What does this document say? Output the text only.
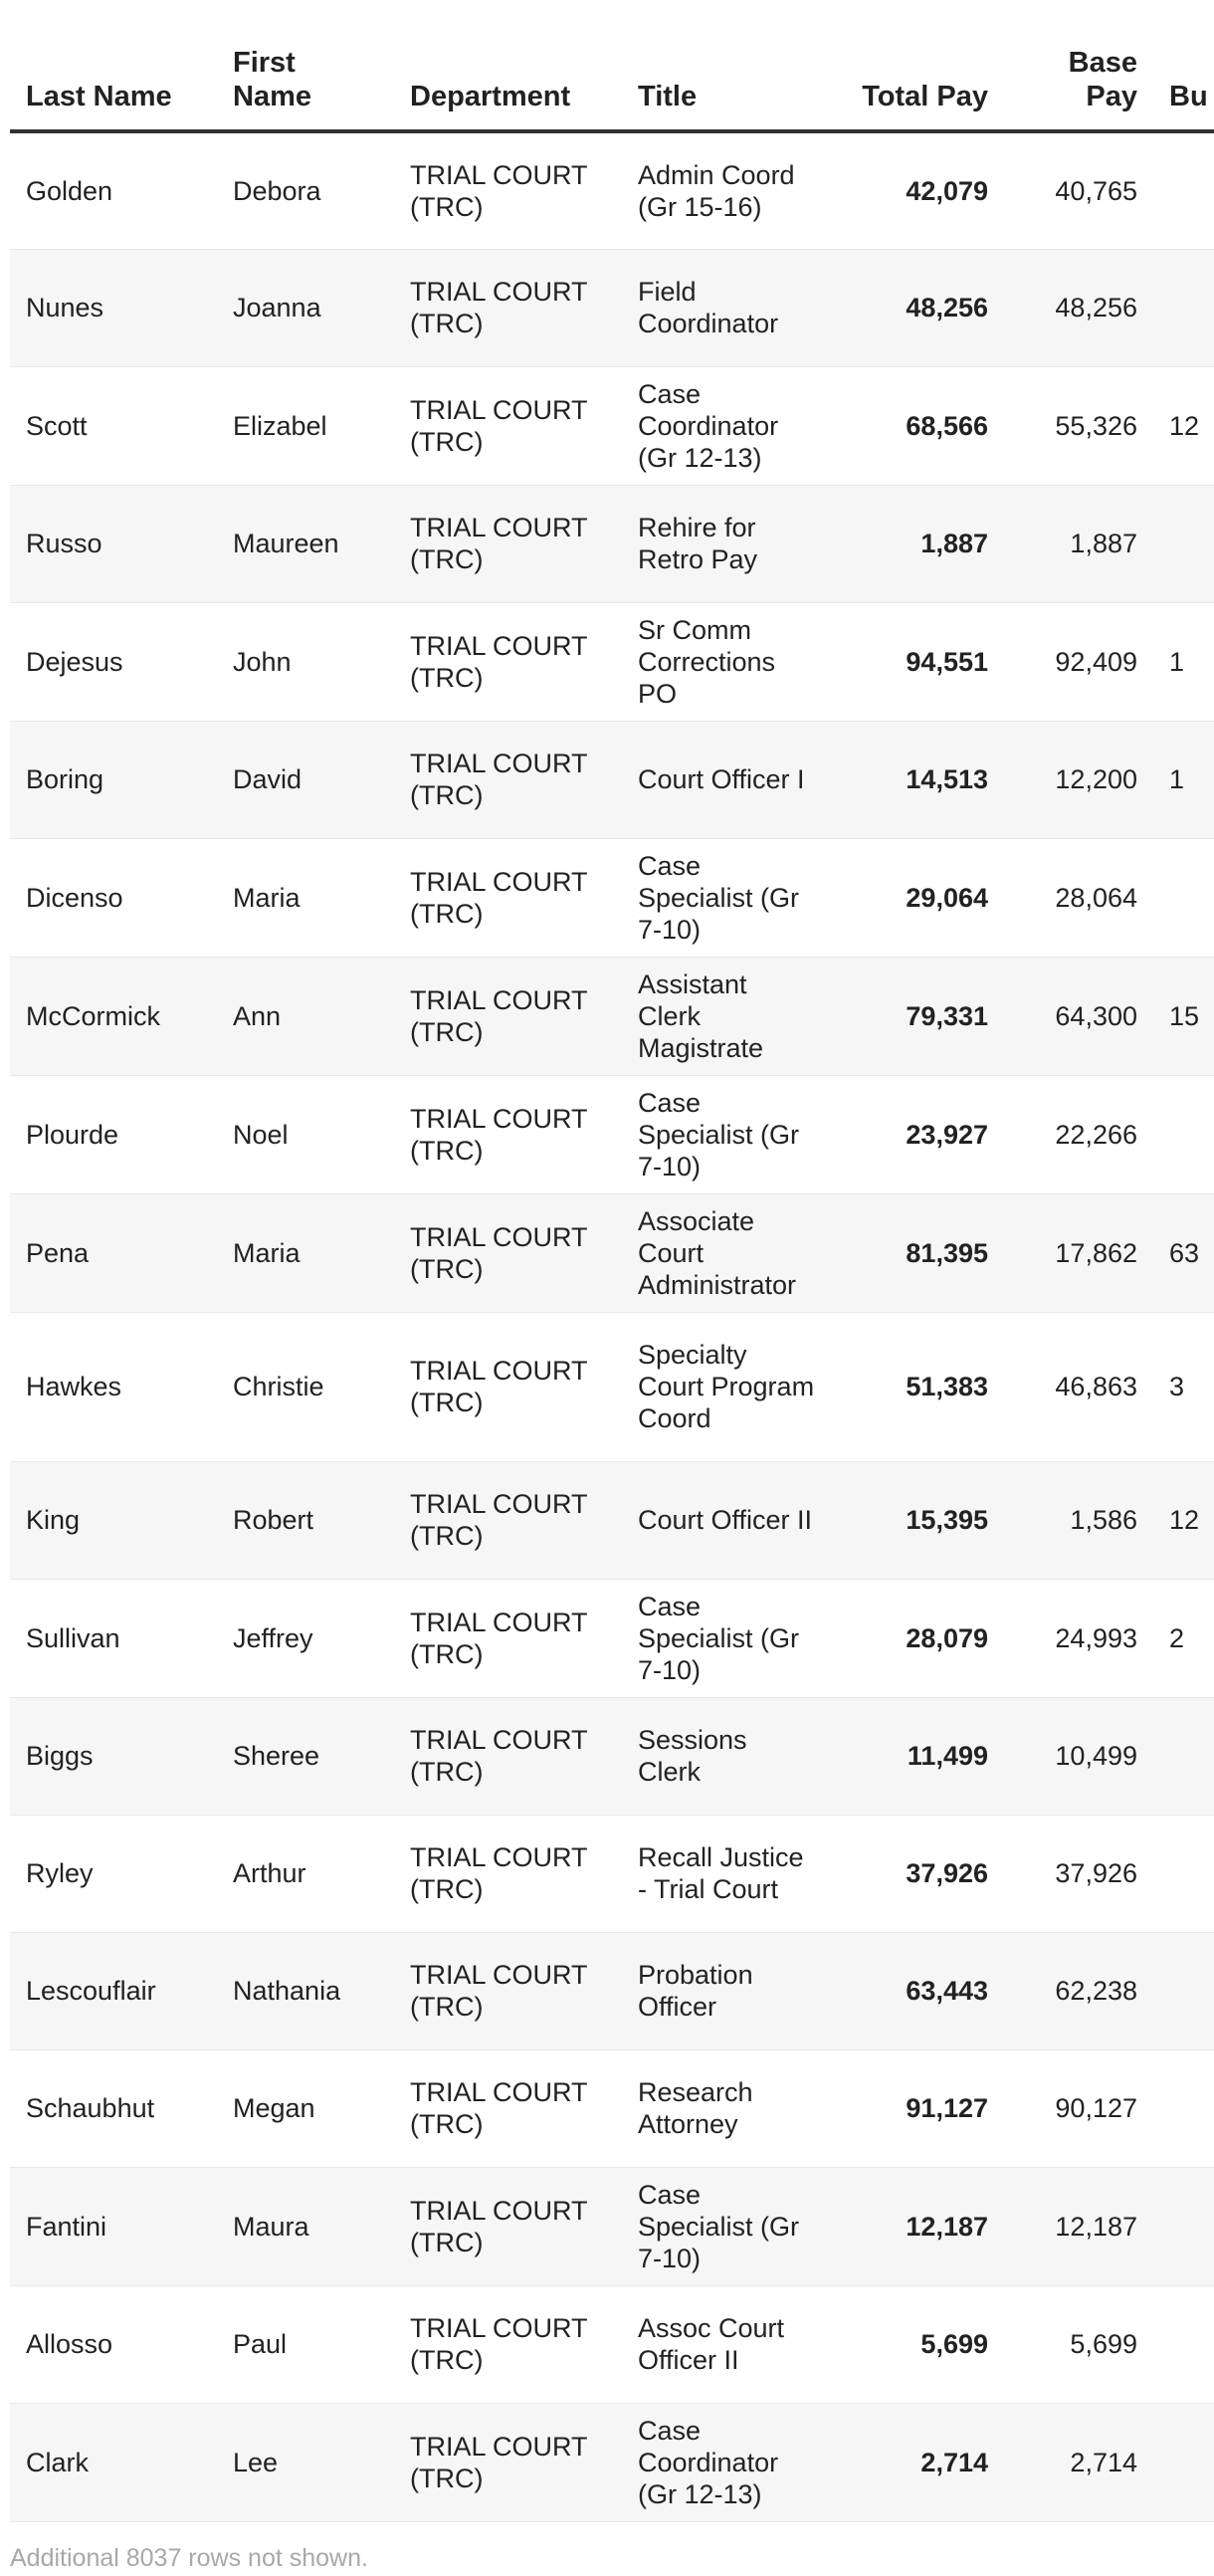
Last Name	First Name	Department	Title	Total Pay	Base Pay	Bu
Golden	Debora	TRIAL COURT (TRC)	Admin Coord (Gr 15-16)	42,079	40,765	
Nunes	Joanna	TRIAL COURT (TRC)	Field Coordinator	48,256	48,256	
Scott	Elizabel	TRIAL COURT (TRC)	Case Coordinator (Gr 12-13)	68,566	55,326	12
Russo	Maureen	TRIAL COURT (TRC)	Rehire for Retro Pay	1,887	1,887	
Dejesus	John	TRIAL COURT (TRC)	Sr Comm Corrections PO	94,551	92,409	1
Boring	David	TRIAL COURT (TRC)	Court Officer I	14,513	12,200	1
Dicenso	Maria	TRIAL COURT (TRC)	Case Specialist (Gr 7-10)	29,064	28,064	
McCormick	Ann	TRIAL COURT (TRC)	Assistant Clerk Magistrate	79,331	64,300	15
Plourde	Noel	TRIAL COURT (TRC)	Case Specialist (Gr 7-10)	23,927	22,266	
Pena	Maria	TRIAL COURT (TRC)	Associate Court Administrator	81,395	17,862	63
Hawkes	Christie	TRIAL COURT (TRC)	Specialty Court Program Coord	51,383	46,863	3
King	Robert	TRIAL COURT (TRC)	Court Officer II	15,395	1,586	12
Sullivan	Jeffrey	TRIAL COURT (TRC)	Case Specialist (Gr 7-10)	28,079	24,993	2
Biggs	Sheree	TRIAL COURT (TRC)	Sessions Clerk	11,499	10,499	
Ryley	Arthur	TRIAL COURT (TRC)	Recall Justice - Trial Court	37,926	37,926	
Lescouflair	Nathania	TRIAL COURT (TRC)	Probation Officer	63,443	62,238	
Schaubhut	Megan	TRIAL COURT (TRC)	Research Attorney	91,127	90,127	
Fantini	Maura	TRIAL COURT (TRC)	Case Specialist (Gr 7-10)	12,187	12,187	
Allosso	Paul	TRIAL COURT (TRC)	Assoc Court Officer II	5,699	5,699	
Clark	Lee	TRIAL COURT (TRC)	Case Coordinator (Gr 12-13)	2,714	2,714	
Additional 8037 rows not shown.
